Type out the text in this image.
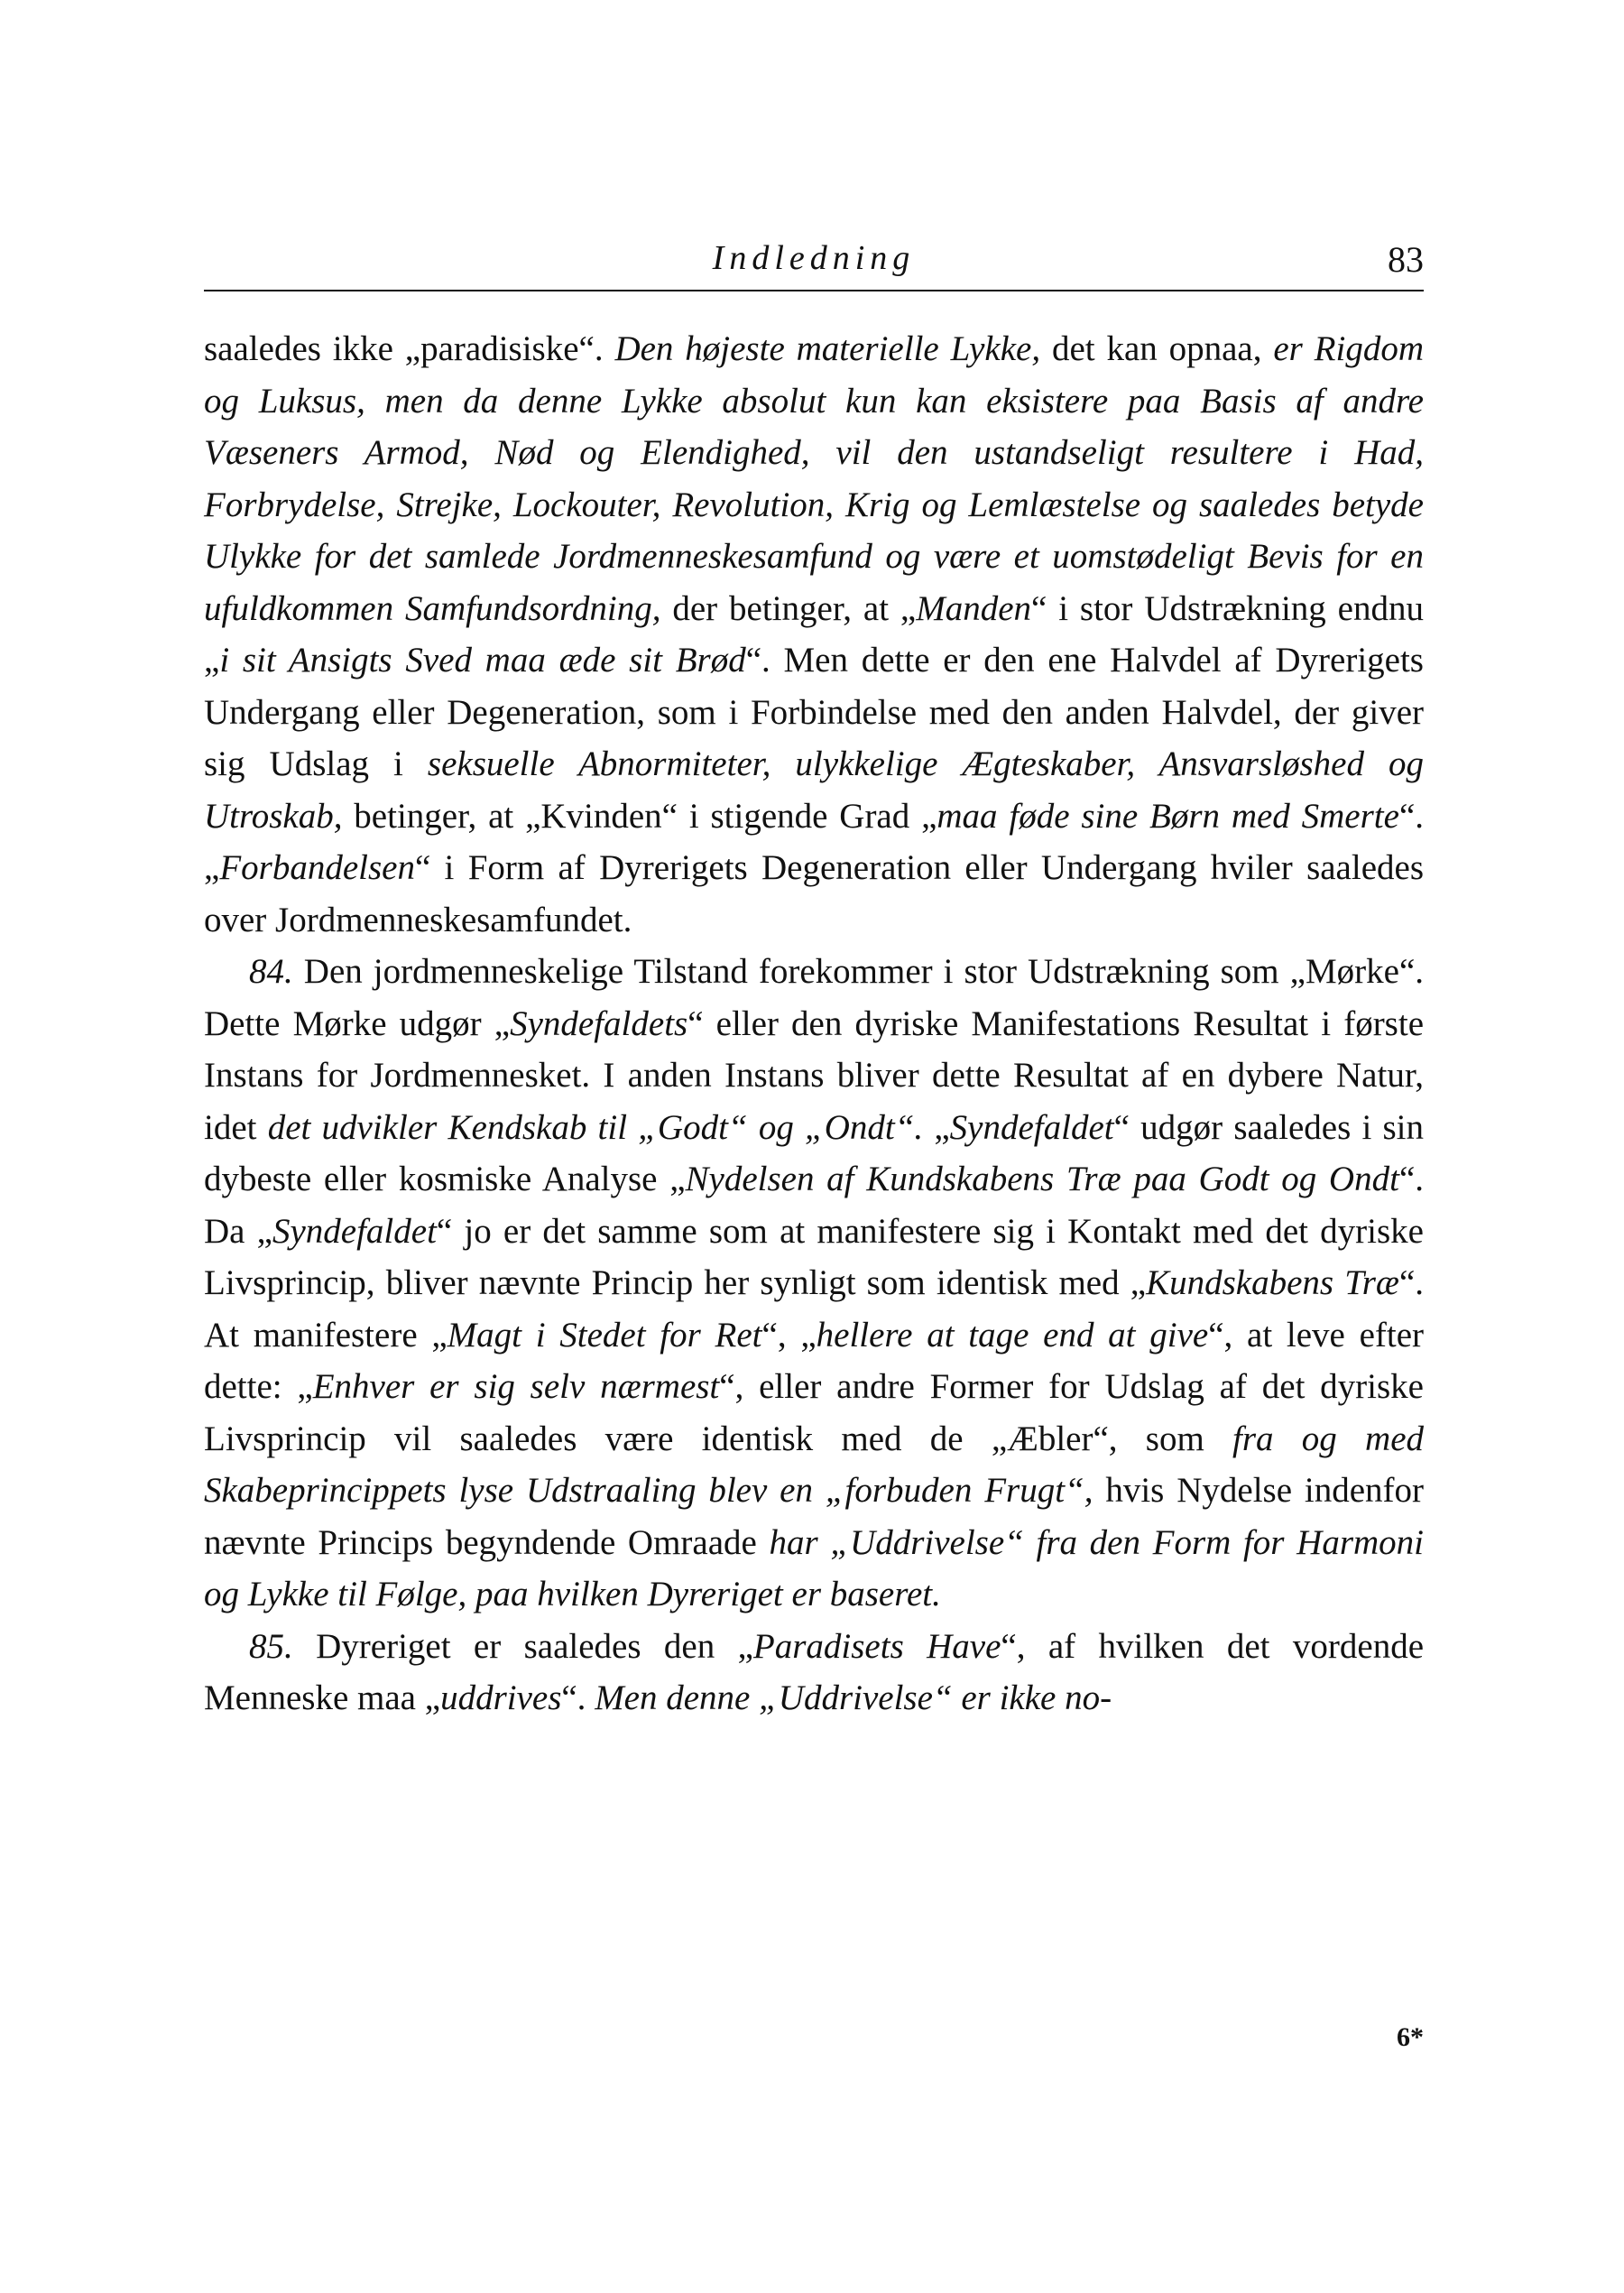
Indledning	83

saaledes ikke „paradisiske“. Den højeste materielle Lykke, det kan opnaa, er Rigdom og Luksus, men da denne Lykke absolut kun kan eksistere paa Basis af andre Væseners Armod, Nød og Elendighed, vil den ustandseligt resultere i Had, Forbrydelse, Strejke, Lockouter, Revolution, Krig og Lemlæstelse og saaledes betyde Ulykke for det samlede Jordmenneskesamfund og være et uomstødeligt Bevis for en ufuldkommen Samfundsordning, der betinger, at „Manden“ i stor Udstrækning endnu „i sit Ansigts Sved maa æde sit Brød“. Men dette er den ene Halvdel af Dyrerigets Undergang eller Degeneration, som i Forbindelse med den anden Halvdel, der giver sig Udslag i seksuelle Abnormiteter, ulykkelige Ægteskaber, Ansvarsløshed og Utroskab, betinger, at „Kvinden“ i stigende Grad „maa føde sine Børn med Smerte“. „Forbandelsen“ i Form af Dyrerigets Degeneration eller Undergang hviler saaledes over Jordmenneskesamfundet.

84. Den jordmenneskelige Tilstand forekommer i stor Udstrækning som „Mørke“. Dette Mørke udgør „Syndefaldets“ eller den dyriske Manifestations Resultat i første Instans for Jordmennesket. I anden Instans bliver dette Resultat af en dybere Natur, idet det udvikler Kendskab til „Godt“ og „Ondt“. „Syndefaldet“ udgør saaledes i sin dybeste eller kosmiske Analyse „Nydelsen af Kundskabens Træ paa Godt og Ondt“. Da „Syndefaldet“ jo er det samme som at manifestere sig i Kontakt med det dyriske Livsprincip, bliver nævnte Princip her synligt som identisk med „Kundskabens Træ“. At manifestere „Magt i Stedet for Ret“, „hellere at tage end at give“, at leve efter dette: „Enhver er sig selv nærmest“, eller andre Former for Udslag af det dyriske Livsprincip vil saaledes være identisk med de „Æbler“, som fra og med Skabeprincippets lyse Udstraaling blev en „forbuden Frugt“, hvis Nydelse indenfor nævnte Princips begyndende Omraade har „Uddrivelse“ fra den Form for Harmoni og Lykke til Følge, paa hvilken Dyreriget er baseret.

85. Dyreriget er saaledes den „Paradisets Have“, af hvilken det vordende Menneske maa „uddrives“. Men denne „Uddrivelse“ er ikke no-

6*
